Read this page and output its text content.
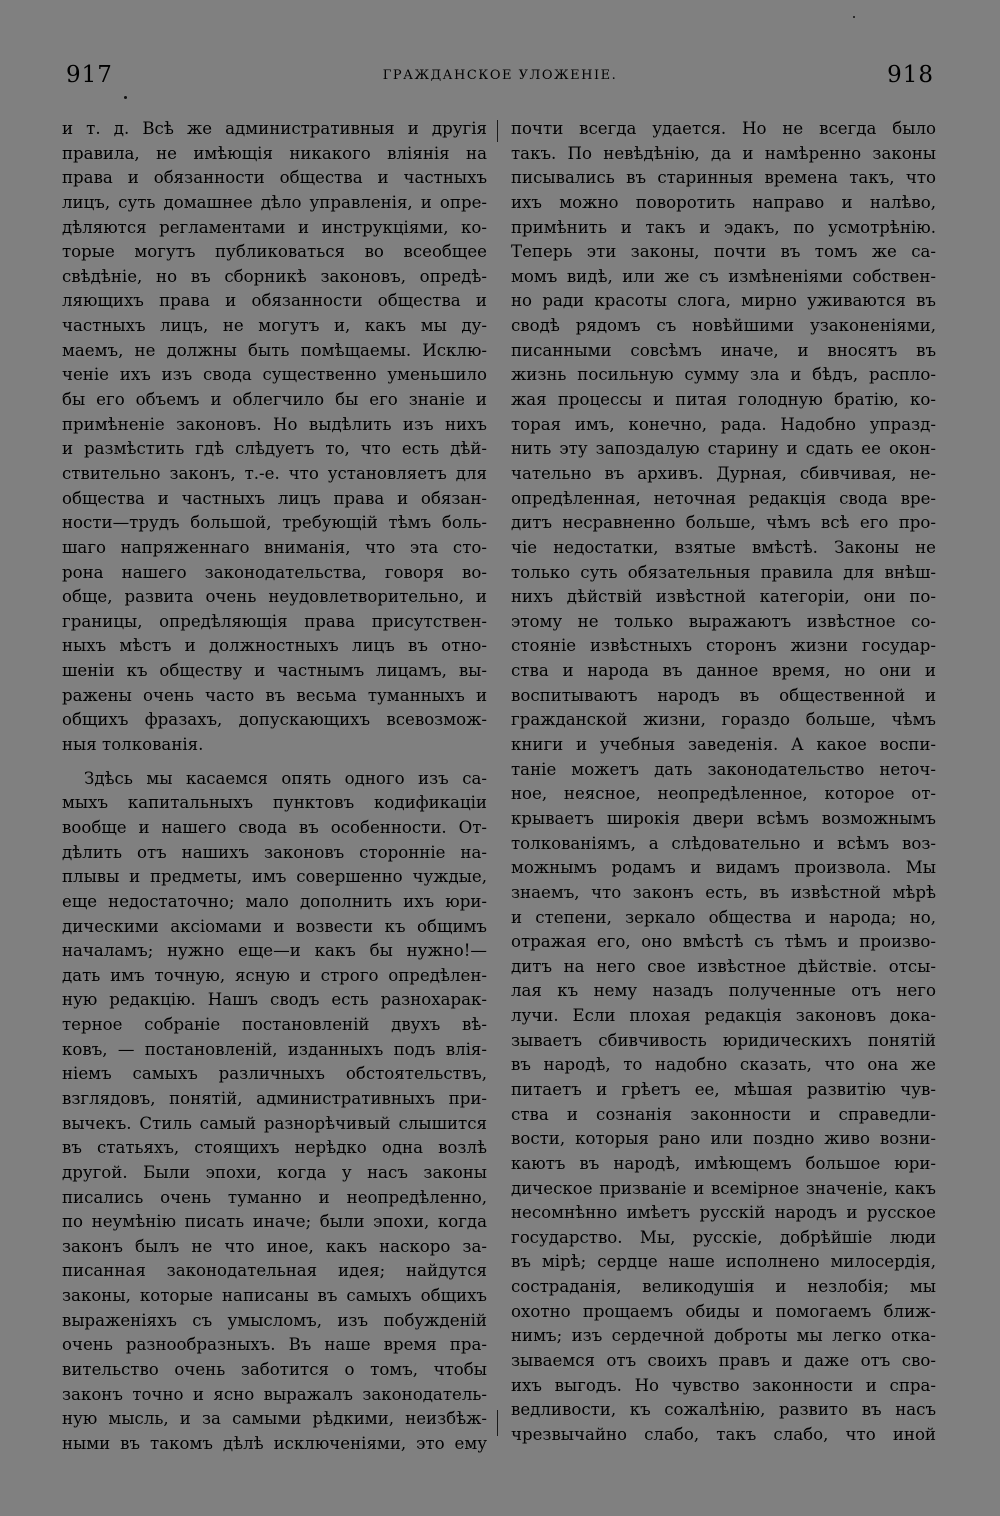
917	ГРАЖДАНСКОЕ УЛОЖЕНІЕ.	918
и т. д. Всѣ же административныя и другія
правила, не имѣющія никакого вліянія на
права и обязанности общества и частныхъ
лицъ, суть домашнее дѣло управленія, и опре-
дѣляются регламентами и инструкціями, ко-
торые могутъ публиковаться во всеобщее
свѣдѣніе, но въ сборникѣ законовъ, опредѣ-
ляющихъ права и обязанности общества и
частныхъ лицъ, не могутъ и, какъ мы ду-
маемъ, не должны быть помѣщаемы. Исклю-
ченіе ихъ изъ свода существенно уменьшило
бы его объемъ и облегчило бы его знаніе и
примѣненіе законовъ. Но выдѣлить изъ нихъ
и размѣстить гдѣ слѣдуетъ то, что есть дѣй-
ствительно законъ, т.-е. что установляетъ для
общества и частныхъ лицъ права и обязан-
ности—трудъ большой, требующій тѣмъ боль-
шаго напряженнаго вниманія, что эта сто-
рона нашего законодательства, говоря во-
обще, развита очень неудовлетворительно, и
границы, опредѣляющія права присутствен-
ныхъ мѣстъ и должностныхъ лицъ въ отно-
шеніи къ обществу и частнымъ лицамъ, вы-
ражены очень часто въ весьма туманныхъ и
общихъ фразахъ, допускающихъ всевозмож-
ныя толкованія.
Здѣсь мы касаемся опять одного изъ са-
мыхъ капитальныхъ пунктовъ кодификаціи
вообще и нашего свода въ особенности. От-
дѣлить отъ нашихъ законовъ сторонніе на-
плывы и предметы, имъ совершенно чуждые,
еще недостаточно; мало дополнить ихъ юри-
дическими аксіомами и возвести къ общимъ
началамъ; нужно еще—и какъ бы нужно!—
дать имъ точную, ясную и строго опредѣлен-
ную редакцію. Нашъ сводъ есть разнохарак-
терное собраніе постановленій двухъ вѣ-
ковъ, — постановленій, изданныхъ подъ влія-
ніемъ самыхъ различныхъ обстоятельствъ,
взглядовъ, понятій, административныхъ при-
вычекъ. Стиль самый разнорѣчивый слышится
въ статьяхъ, стоящихъ нерѣдко одна возлѣ
другой. Были эпохи, когда у насъ законы
писались очень туманно и неопредѣленно,
по неумѣнію писать иначе; были эпохи, когда
законъ былъ не что иное, какъ наскоро за-
писанная законодательная идея; найдутся
законы, которые написаны въ самыхъ общихъ
выраженіяхъ съ умысломъ, изъ побужденій
очень разнообразныхъ. Въ наше время пра-
вительство очень заботится о томъ, чтобы
законъ точно и ясно выражалъ законодатель-
ную мысль, и за самыми рѣдкими, неизбѣж-
ными въ такомъ дѣлѣ исключеніями, это ему
почти всегда удается. Но не всегда было
такъ. По невѣдѣнію, да и намѣренно законы
писывались въ старинныя времена такъ, что
ихъ можно поворотить направо и налѣво,
примѣнить и такъ и эдакъ, по усмотрѣнію.
Теперь эти законы, почти въ томъ же са-
момъ видѣ, или же съ измѣненіями собствен-
но ради красоты слога, мирно уживаются въ
сводѣ рядомъ съ новѣйшими узаконеніями,
писанными совсѣмъ иначе, и вносятъ въ
жизнь посильную сумму зла и бѣдъ, распло-
жая процессы и питая голодную братію, ко-
торая имъ, конечно, рада. Надобно упразд-
нить эту запоздалую старину и сдать ее окон-
чательно въ архивъ. Дурная, сбивчивая, не-
опредѣленная, неточная редакція свода вре-
дитъ несравненно больше, чѣмъ всѣ его про-
чіе недостатки, взятые вмѣстѣ. Законы не
только суть обязательныя правила для внѣш-
нихъ дѣйствій извѣстной категоріи, они по-
этому не только выражаютъ извѣстное со-
стояніе извѣстныхъ сторонъ жизни государ-
ства и народа въ данное время, но они и
воспитываютъ народъ въ общественной и
гражданской жизни, гораздо больше, чѣмъ
книги и учебныя заведенія. А какое воспи-
таніе можетъ дать законодательство неточ-
ное, неясное, неопредѣленное, которое от-
крываетъ широкія двери всѣмъ возможнымъ
толкованіямъ, а слѣдовательно и всѣмъ воз-
можнымъ родамъ и видамъ произвола. Мы
знаемъ, что законъ есть, въ извѣстной мѣрѣ
и степени, зеркало общества и народа; но,
отражая его, оно вмѣстѣ съ тѣмъ и произво-
дитъ на него свое извѣстное дѣйствіе. отсы-
лая къ нему назадъ полученные отъ него
лучи. Если плохая редакція законовъ дока-
зываетъ сбивчивость юридическихъ понятій
въ народѣ, то надобно сказать, что она же
питаетъ и грѣетъ ее, мѣшая развитію чув-
ства и сознанія законности и справедли-
вости, которыя рано или поздно живо возни-
каютъ въ народѣ, имѣющемъ большое юри-
дическое призваніе и всемірное значеніе, какъ
несомнѣнно имѣетъ русскій народъ и русское
государство. Мы, русскіе, добрѣйшіе люди
въ мірѣ; сердце наше исполнено милосердія,
состраданія, великодушія и незлобія; мы
охотно прощаемъ обиды и помогаемъ ближ-
нимъ; изъ сердечной доброты мы легко отка-
зываемся отъ своихъ правъ и даже отъ сво-
ихъ выгодъ. Но чувство законности и спра-
ведливости, къ сожалѣнію, развито въ насъ
чрезвычайно слабо, такъ слабо, что иной
